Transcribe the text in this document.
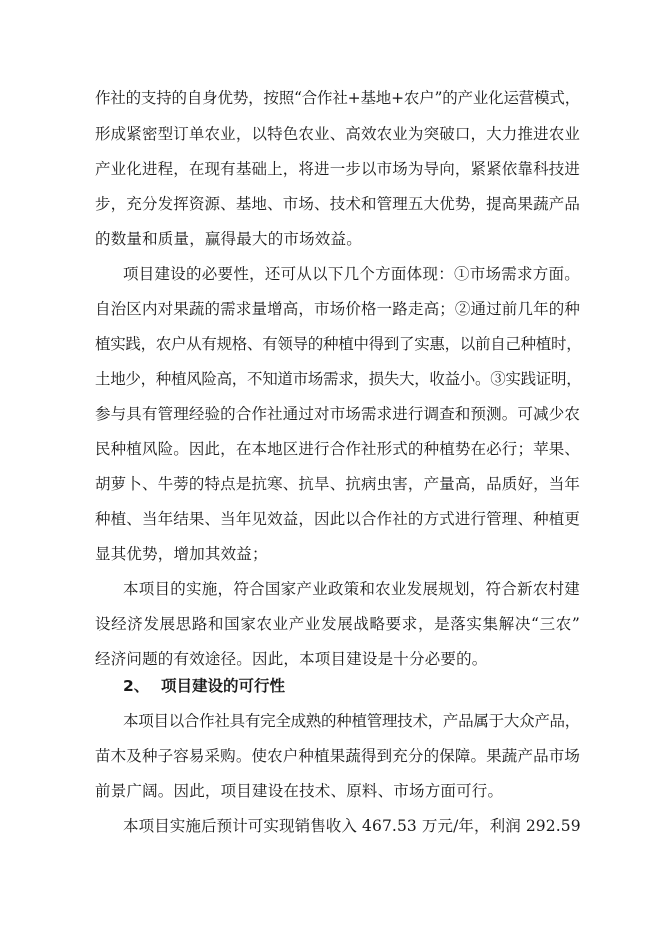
作社的支持的自身优势，按照“合作社+基地+农户”的产业化运营模式，
形成紧密型订单农业，以特色农业、高效农业为突破口，大力推进农业
产业化进程，在现有基础上，将进一步以市场为导向，紧紧依靠科技进
步，充分发挥资源、基地、市场、技术和管理五大优势，提高果蔬产品
的数量和质量，赢得最大的市场效益。
项目建设的必要性，还可从以下几个方面体现：①市场需求方面。
自治区内对果蔬的需求量增高，市场价格一路走高；②通过前几年的种
植实践，农户从有规格、有领导的种植中得到了实惠，以前自己种植时，
土地少，种植风险高，不知道市场需求，损失大，收益小。③实践证明，
参与具有管理经验的合作社通过对市场需求进行调查和预测。可减少农
民种植风险。因此，在本地区进行合作社形式的种植势在必行；苹果、
胡萝卜、牛蒡的特点是抗寒、抗旱、抗病虫害，产量高，品质好，当年
种植、当年结果、当年见效益，因此以合作社的方式进行管理、种植更
显其优势，增加其效益；
本项目的实施，符合国家产业政策和农业发展规划，符合新农村建
设经济发展思路和国家农业产业发展战略要求，是落实集解决“三农”
经济问题的有效途径。因此，本项目建设是十分必要的。
2、 项目建设的可行性
本项目以合作社具有完全成熟的种植管理技术，产品属于大众产品，
苗木及种子容易采购。使农户种植果蔬得到充分的保障。果蔬产品市场
前景广阔。因此，项目建设在技术、原料、市场方面可行。
本项目实施后预计可实现销售收入 467.53 万元/年，利润 292.59
